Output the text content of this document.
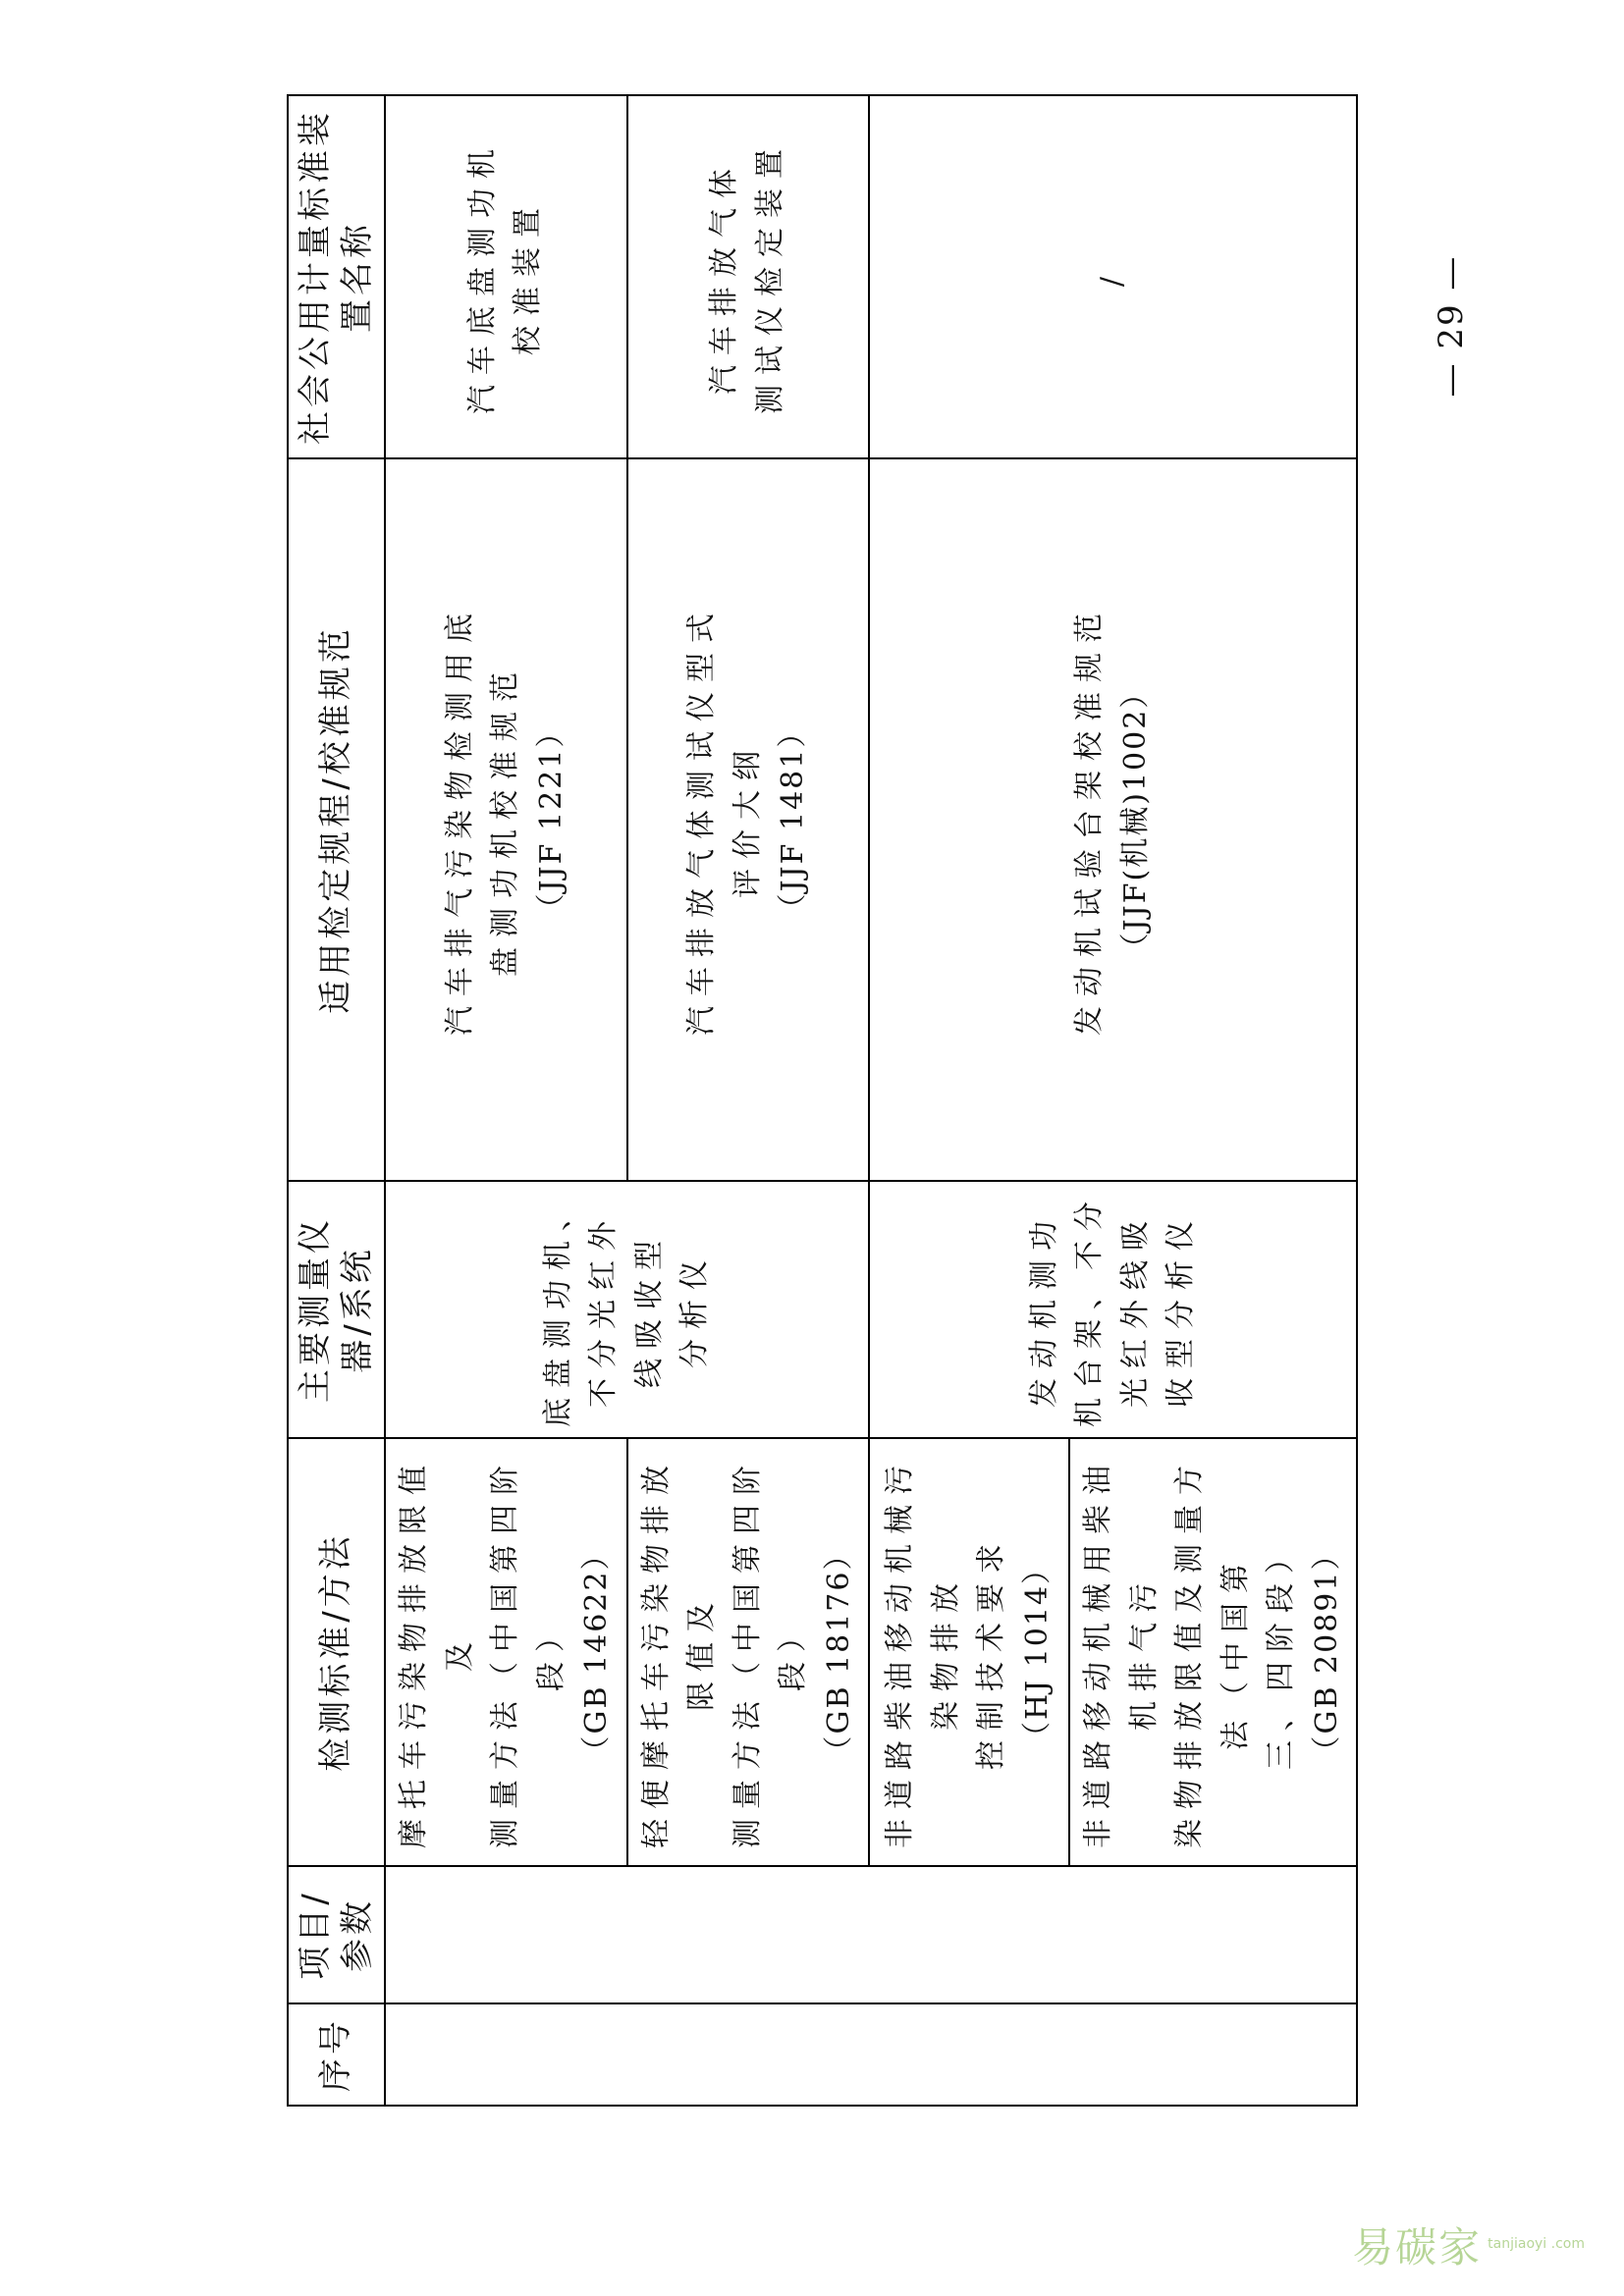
序号	项目/参数	检测标准/方法	主要测量仪器/系统	适用检定规程/校准规范	社会公用计量标准装置名称

		摩托车污染物排放限值及 测量方法（中国第四阶段） （GB 14622）	底盘测功机、 不分光红外 线吸收型 分析仪	汽车排气污染物检测用底 盘测功机校准规范 （JJF 1221）	汽车底盘测功机 校准装置

		轻便摩托车污染物排放限值及 测量方法（中国第四阶段） （GB 18176）		汽车排放气体测试仪型式 评价大纲 （JJF 1481）	汽车排放气体 测试仪检定装置

		非道路柴油移动机械污染物排放 控制技术要求 （HJ 1014）	发动机测功 机台架、不分 光红外线吸 收型分析仪	发动机试验台架校准规范 （JJF(机械)1002）	/

		非道路移动机械用柴油机排气污 染物排放限值及测量方法（中国第 三、四阶段） （GB 20891）			
— 29 —
易碳家 tanjiaoyi .com
